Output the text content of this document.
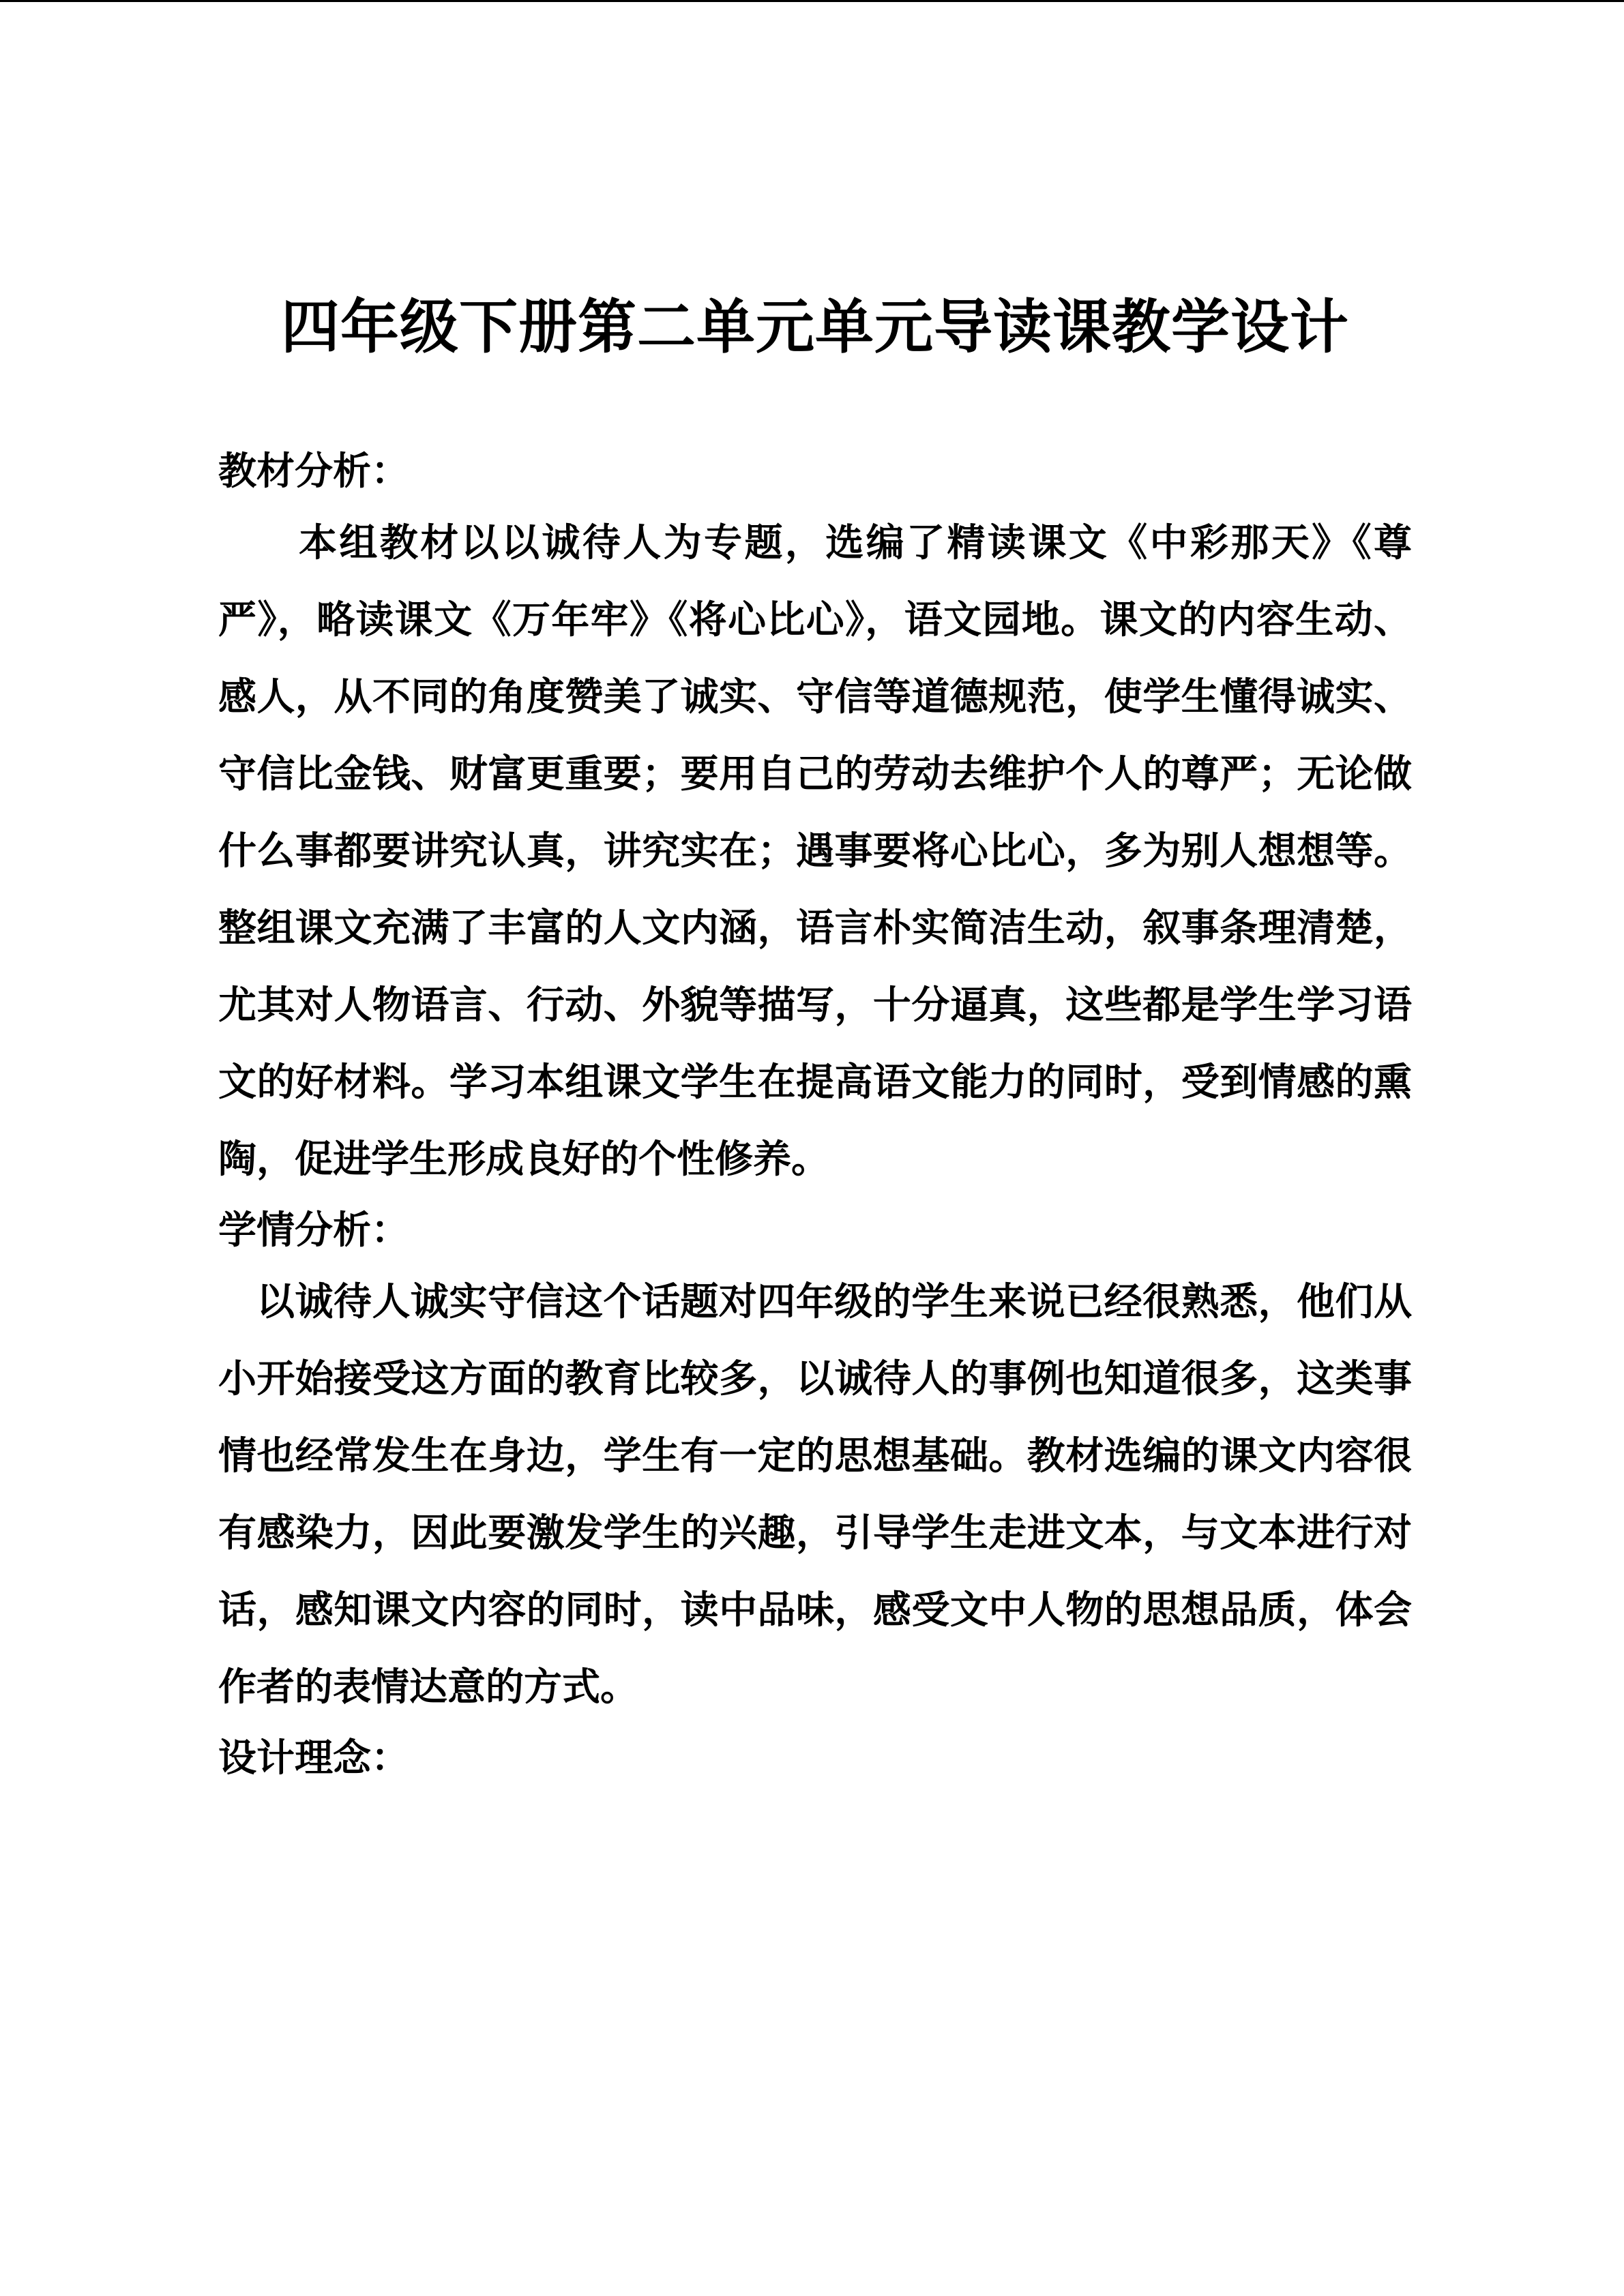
四年级下册第二单元单元导读课教学设计
教材分析：

本组教材以以诚待人为专题，选编了精读课文《中彩那天》《尊严》，略读课文《万年牢》《将心比心》，语文园地。课文的内容生动、感人，从不同的角度赞美了诚实、守信等道德规范，使学生懂得诚实、守信比金钱、财富更重要；要用自己的劳动去维护个人的尊严；无论做什么事都要讲究认真，讲究实在；遇事要将心比心，多为别人想想等。整组课文充满了丰富的人文内涵，语言朴实简洁生动，叙事条理清楚，尤其对人物语言、行动、外貌等描写，十分逼真，这些都是学生学习语文的好材料。学习本组课文学生在提高语文能力的同时，受到情感的熏陶，促进学生形成良好的个性修养。

学情分析：

以诚待人诚实守信这个话题对四年级的学生来说已经很熟悉，他们从小开始接受这方面的教育比较多，以诚待人的事例也知道很多，这类事情也经常发生在身边，学生有一定的思想基础。教材选编的课文内容很有感染力，因此要激发学生的兴趣，引导学生走进文本，与文本进行对话，感知课文内容的同时，读中品味，感受文中人物的思想品质，体会作者的表情达意的方式。

设计理念：
